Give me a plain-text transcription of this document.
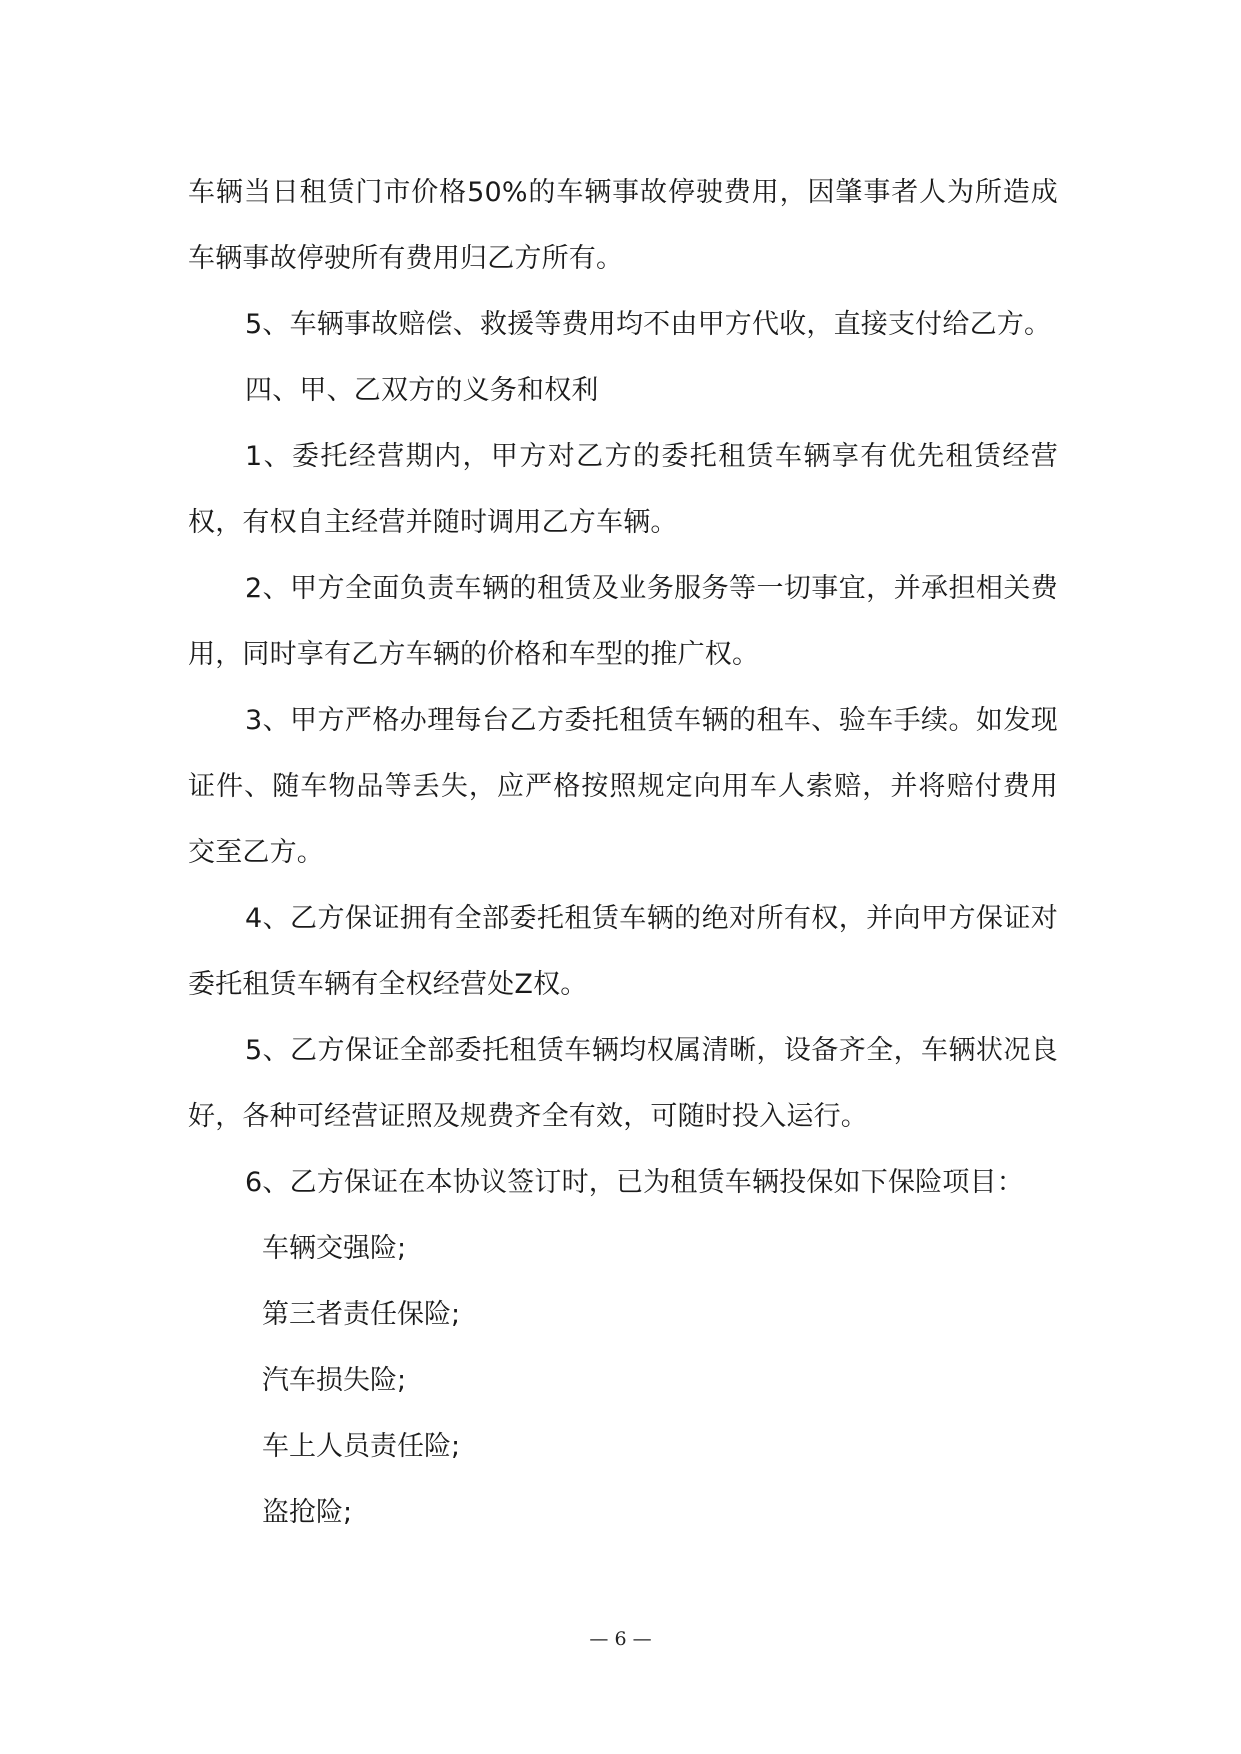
车辆当日租赁门市价格50%的车辆事故停驶费用，因肇事者人为所造成车辆事故停驶所有费用归乙方所有。

5、车辆事故赔偿、救援等费用均不由甲方代收，直接支付给乙方。

四、甲、乙双方的义务和权利

1、委托经营期内，甲方对乙方的委托租赁车辆享有优先租赁经营权，有权自主经营并随时调用乙方车辆。

2、甲方全面负责车辆的租赁及业务服务等一切事宜，并承担相关费用，同时享有乙方车辆的价格和车型的推广权。

3、甲方严格办理每台乙方委托租赁车辆的租车、验车手续。如发现证件、随车物品等丢失，应严格按照规定向用车人索赔，并将赔付费用交至乙方。

4、乙方保证拥有全部委托租赁车辆的绝对所有权，并向甲方保证对委托租赁车辆有全权经营处Z权。

5、乙方保证全部委托租赁车辆均权属清晰，设备齐全，车辆状况良好，各种可经营证照及规费齐全有效，可随时投入运行。

6、乙方保证在本协议签订时，已为租赁车辆投保如下保险项目：

车辆交强险;

第三者责任保险;

汽车损失险;

车上人员责任险;

盗抢险;

— 6 —
